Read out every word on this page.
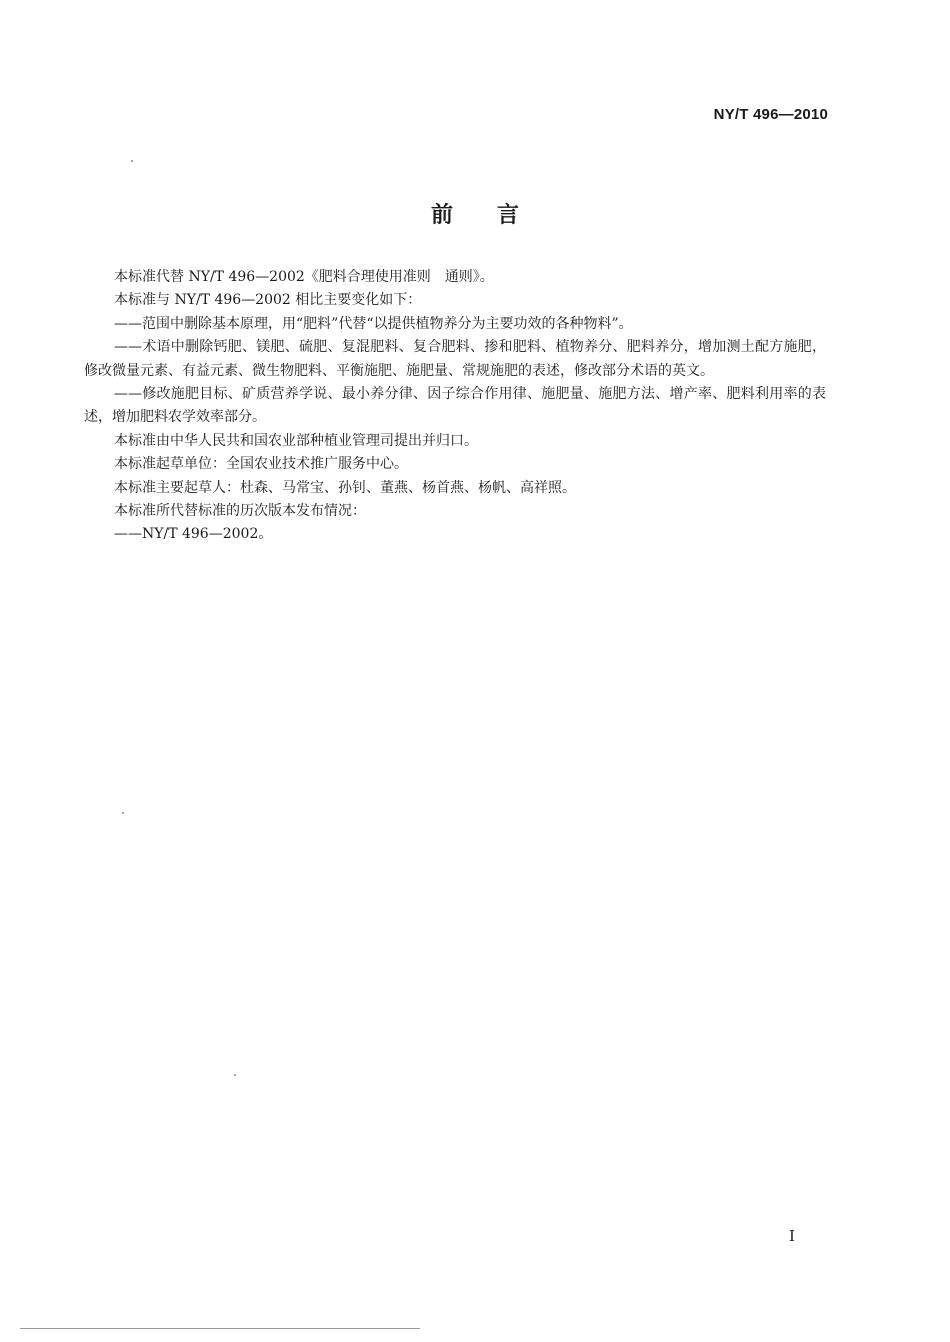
NY/T 496—2010
前言

本标准代替 NY/T 496—2002《肥料合理使用准则　通则》。

本标准与 NY/T 496—2002 相比主要变化如下：

——范围中删除基本原理，用“肥料”代替“以提供植物养分为主要功效的各种物料”。

——术语中删除钙肥、镁肥、硫肥、复混肥料、复合肥料、掺和肥料、植物养分、肥料养分，增加测土配方施肥，修改微量元素、有益元素、微生物肥料、平衡施肥、施肥量、常规施肥的表述，修改部分术语的英文。

——修改施肥目标、矿质营养学说、最小养分律、因子综合作用律、施肥量、施肥方法、增产率、肥料利用率的表述，增加肥料农学效率部分。

本标准由中华人民共和国农业部种植业管理司提出并归口。

本标准起草单位：全国农业技术推广服务中心。

本标准主要起草人：杜森、马常宝、孙钊、董燕、杨首燕、杨帆、高祥照。

本标准所代替标准的历次版本发布情况：

——NY/T 496—2002。

I
